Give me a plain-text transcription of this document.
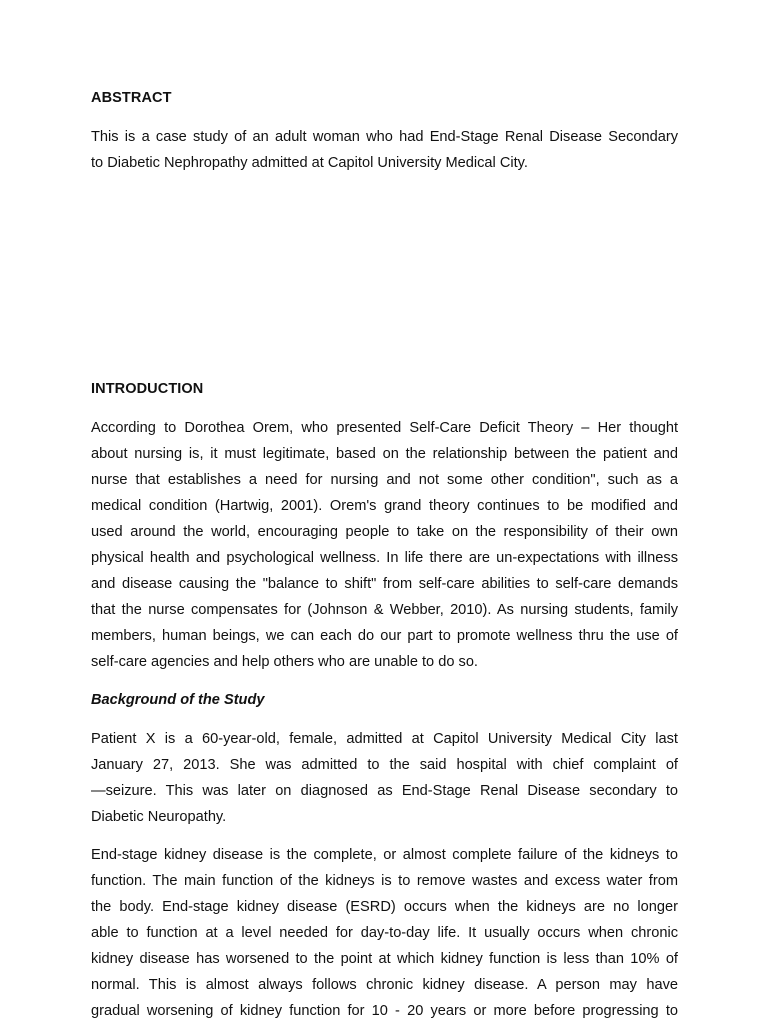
ABSTRACT
This is a case study of an adult woman who had End-Stage Renal Disease Secondary
to Diabetic Nephropathy admitted at Capitol University Medical City.
INTRODUCTION
According to Dorothea Orem, who presented Self-Care Deficit Theory – Her thought
about nursing is, it must legitimate, based on the relationship between the patient and
nurse that establishes a need for nursing and not some other condition", such as a
medical condition (Hartwig, 2001). Orem's grand theory continues to be modified and
used around the world, encouraging people to take on the responsibility of their own
physical health and psychological wellness. In life there are un-expectations with illness
and disease causing the "balance to shift" from self-care abilities to self-care demands
that the nurse compensates for (Johnson & Webber, 2010). As nursing students, family
members, human beings, we can each do our part to promote wellness thru the use of
self-care agencies and help others who are unable to do so.
Background of the Study
Patient X is a 60-year-old, female, admitted at Capitol University Medical City last
January 27, 2013. She was admitted to the said hospital with chief complaint of
―seizure. This was later on diagnosed as End-Stage Renal Disease secondary to
Diabetic Neuropathy.
End-stage kidney disease is the complete, or almost complete failure of the kidneys to
function. The main function of the kidneys is to remove wastes and excess water from
the body. End-stage kidney disease (ESRD) occurs when the kidneys are no longer
able to function at a level needed for day-to-day life. It usually occurs when chronic
kidney disease has worsened to the point at which kidney function is less than 10% of
normal. This is almost always follows chronic kidney disease. A person may have
gradual worsening of kidney function for 10 - 20 years or more before progressing to
